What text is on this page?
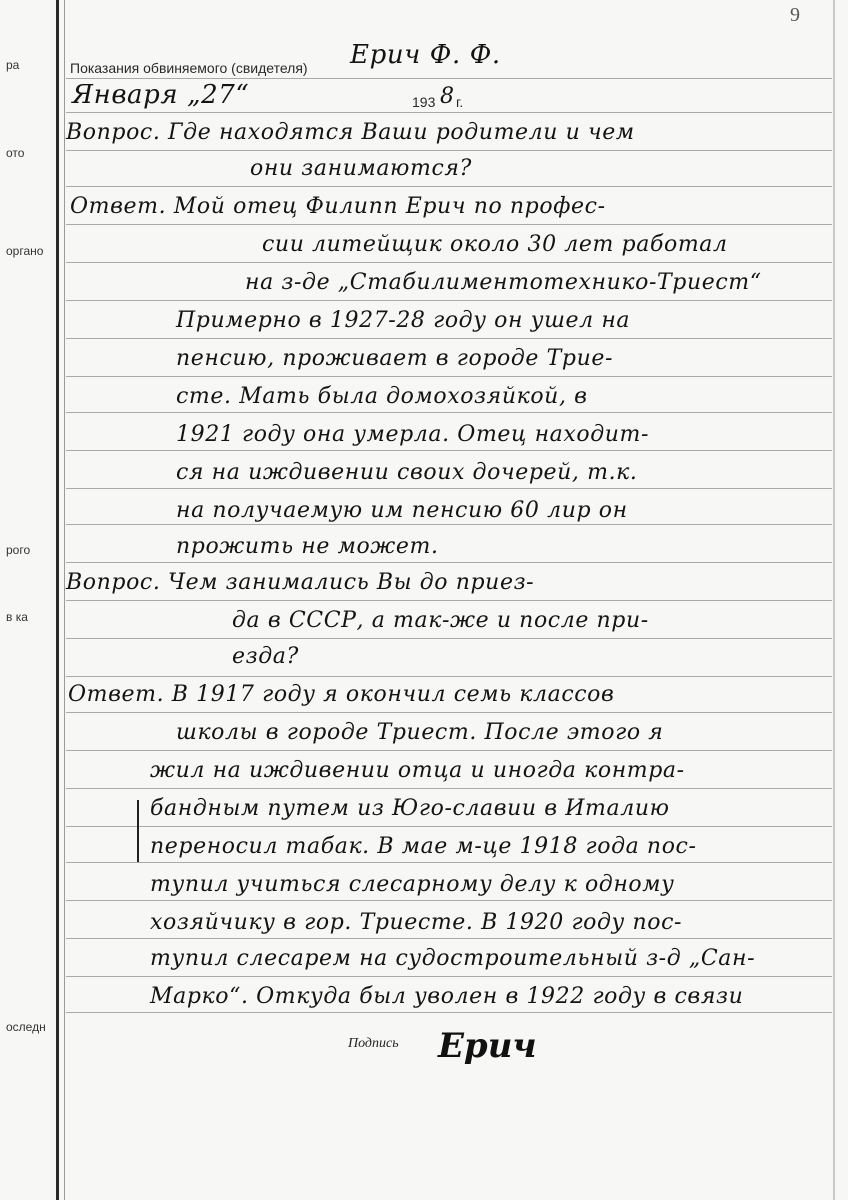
9
ра
ото
органо
рого
в ка
оследн
Показания обвиняемого (свидетеля) Ерич Ф. Ф.
Января „27“	193 8 г.
Вопрос. Где находятся Ваши родители и чем
они занимаются?
Ответ. Мой отец Филипп Ерич по профес-
сии литейщик около 30 лет работал
на з-де „Стабилиментотехнико-Триест“
Примерно в 1927-28 году он ушел на
пенсию, проживает в городе Трие-
сте. Мать была домохозяйкой, в
1921 году она умерла. Отец находит-
ся на иждивении своих дочерей, т.к.
на получаемую им пенсию 60 лир он
прожить не может.
Вопрос. Чем занимались Вы до приез-
да в СССР, а так-же и после при-
езда?
Ответ. В 1917 году я окончил семь классов
школы в городе Триест. После этого я
жил на иждивении отца и иногда контра-
бандным путем из Юго-славии в Италию
переносил табак. В мае м-це 1918 года пос-
тупил учиться слесарному делу к одному
хозяйчику в гор. Триесте. В 1920 году пос-
тупил слесарем на судостроительный з-д „Сан-
Марко“. Откуда был уволен в 1922 году в связи
Подпись Ерич
